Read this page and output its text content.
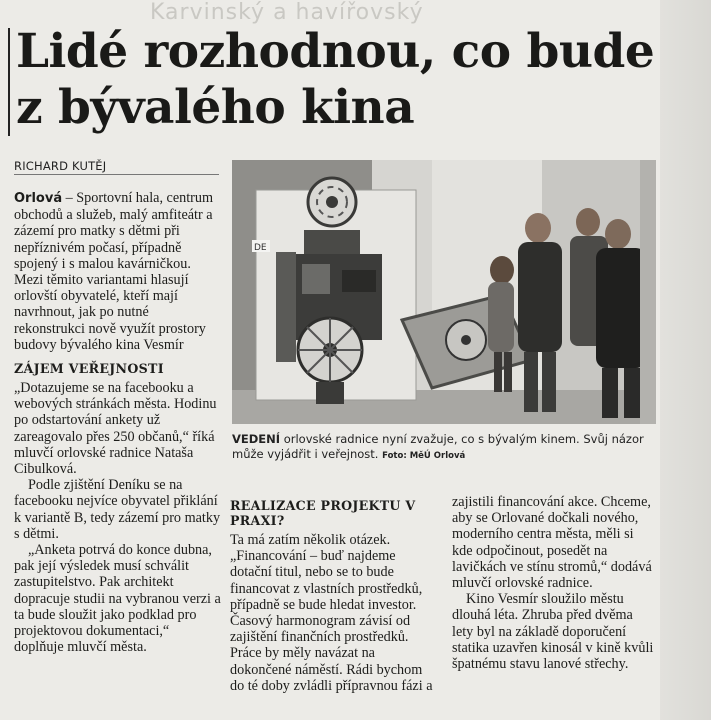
Karvinský a havířovský
Lidé rozhodnou, co bude z bývalého kina
RICHARD KUTĚJ

Orlová – Sportovní hala, centrum obchodů a služeb, malý amfiteátr a zázemí pro matky s dětmi při nepříznivém počasí, případně spojený i s malou kavárničkou. Mezi těmito variantami hlasují orlovští obyvatelé, kteří mají navrhnout, jak po nutné rekonstrukci nově využít prostory budovy bývalého kina Vesmír

ZÁJEM VEŘEJNOSTI

„Dotazujeme se na facebooku a webových stránkách města. Hodinu po odstartování ankety už zareagovalo přes 250 občanů,“ říká mluvčí orlovské radnice Nataša Cibulková.

Podle zjištění Deníku se na facebooku nejvíce obyvatel přiklání k variantě B, tedy zázemí pro matky s dětmi.

„Anketa potrvá do konce dubna, pak její výsledek musí schválit zastupitelstvo. Pak architekt dopracuje studii na vybranou verzi a ta bude sloužit jako podklad pro projektovou dokumentaci,“ doplňuje mluvčí města.

DE
VEDENÍ orlovské radnice nyní zvažuje, co s bývalým kinem. Svůj názor může vyjádřit i veřejnost. Foto: MěÚ Orlová

REALIZACE PROJEKTU V PRAXI?

Ta má zatím několik otázek. „Financování – buď najdeme dotační titul, nebo se to bude financovat z vlastních prostředků, případně se bude hledat investor. Časový harmonogram závisí od zajištění finančních prostředků. Práce by měly navázat na dokončené náměstí. Rádi bychom do té doby zvládli přípravnou fázi a

zajistili financování akce. Chceme, aby se Orlované dočkali nového, moderního centra města, měli si kde odpočinout, posedět na lavičkách ve stínu stromů,“ dodává mluvčí orlovské radnice.

Kino Vesmír sloužilo městu dlouhá léta. Zhruba před dvěma lety byl na základě doporučení statika uzavřen kinosál v kině kvůli špatnému stavu lanové střechy.
